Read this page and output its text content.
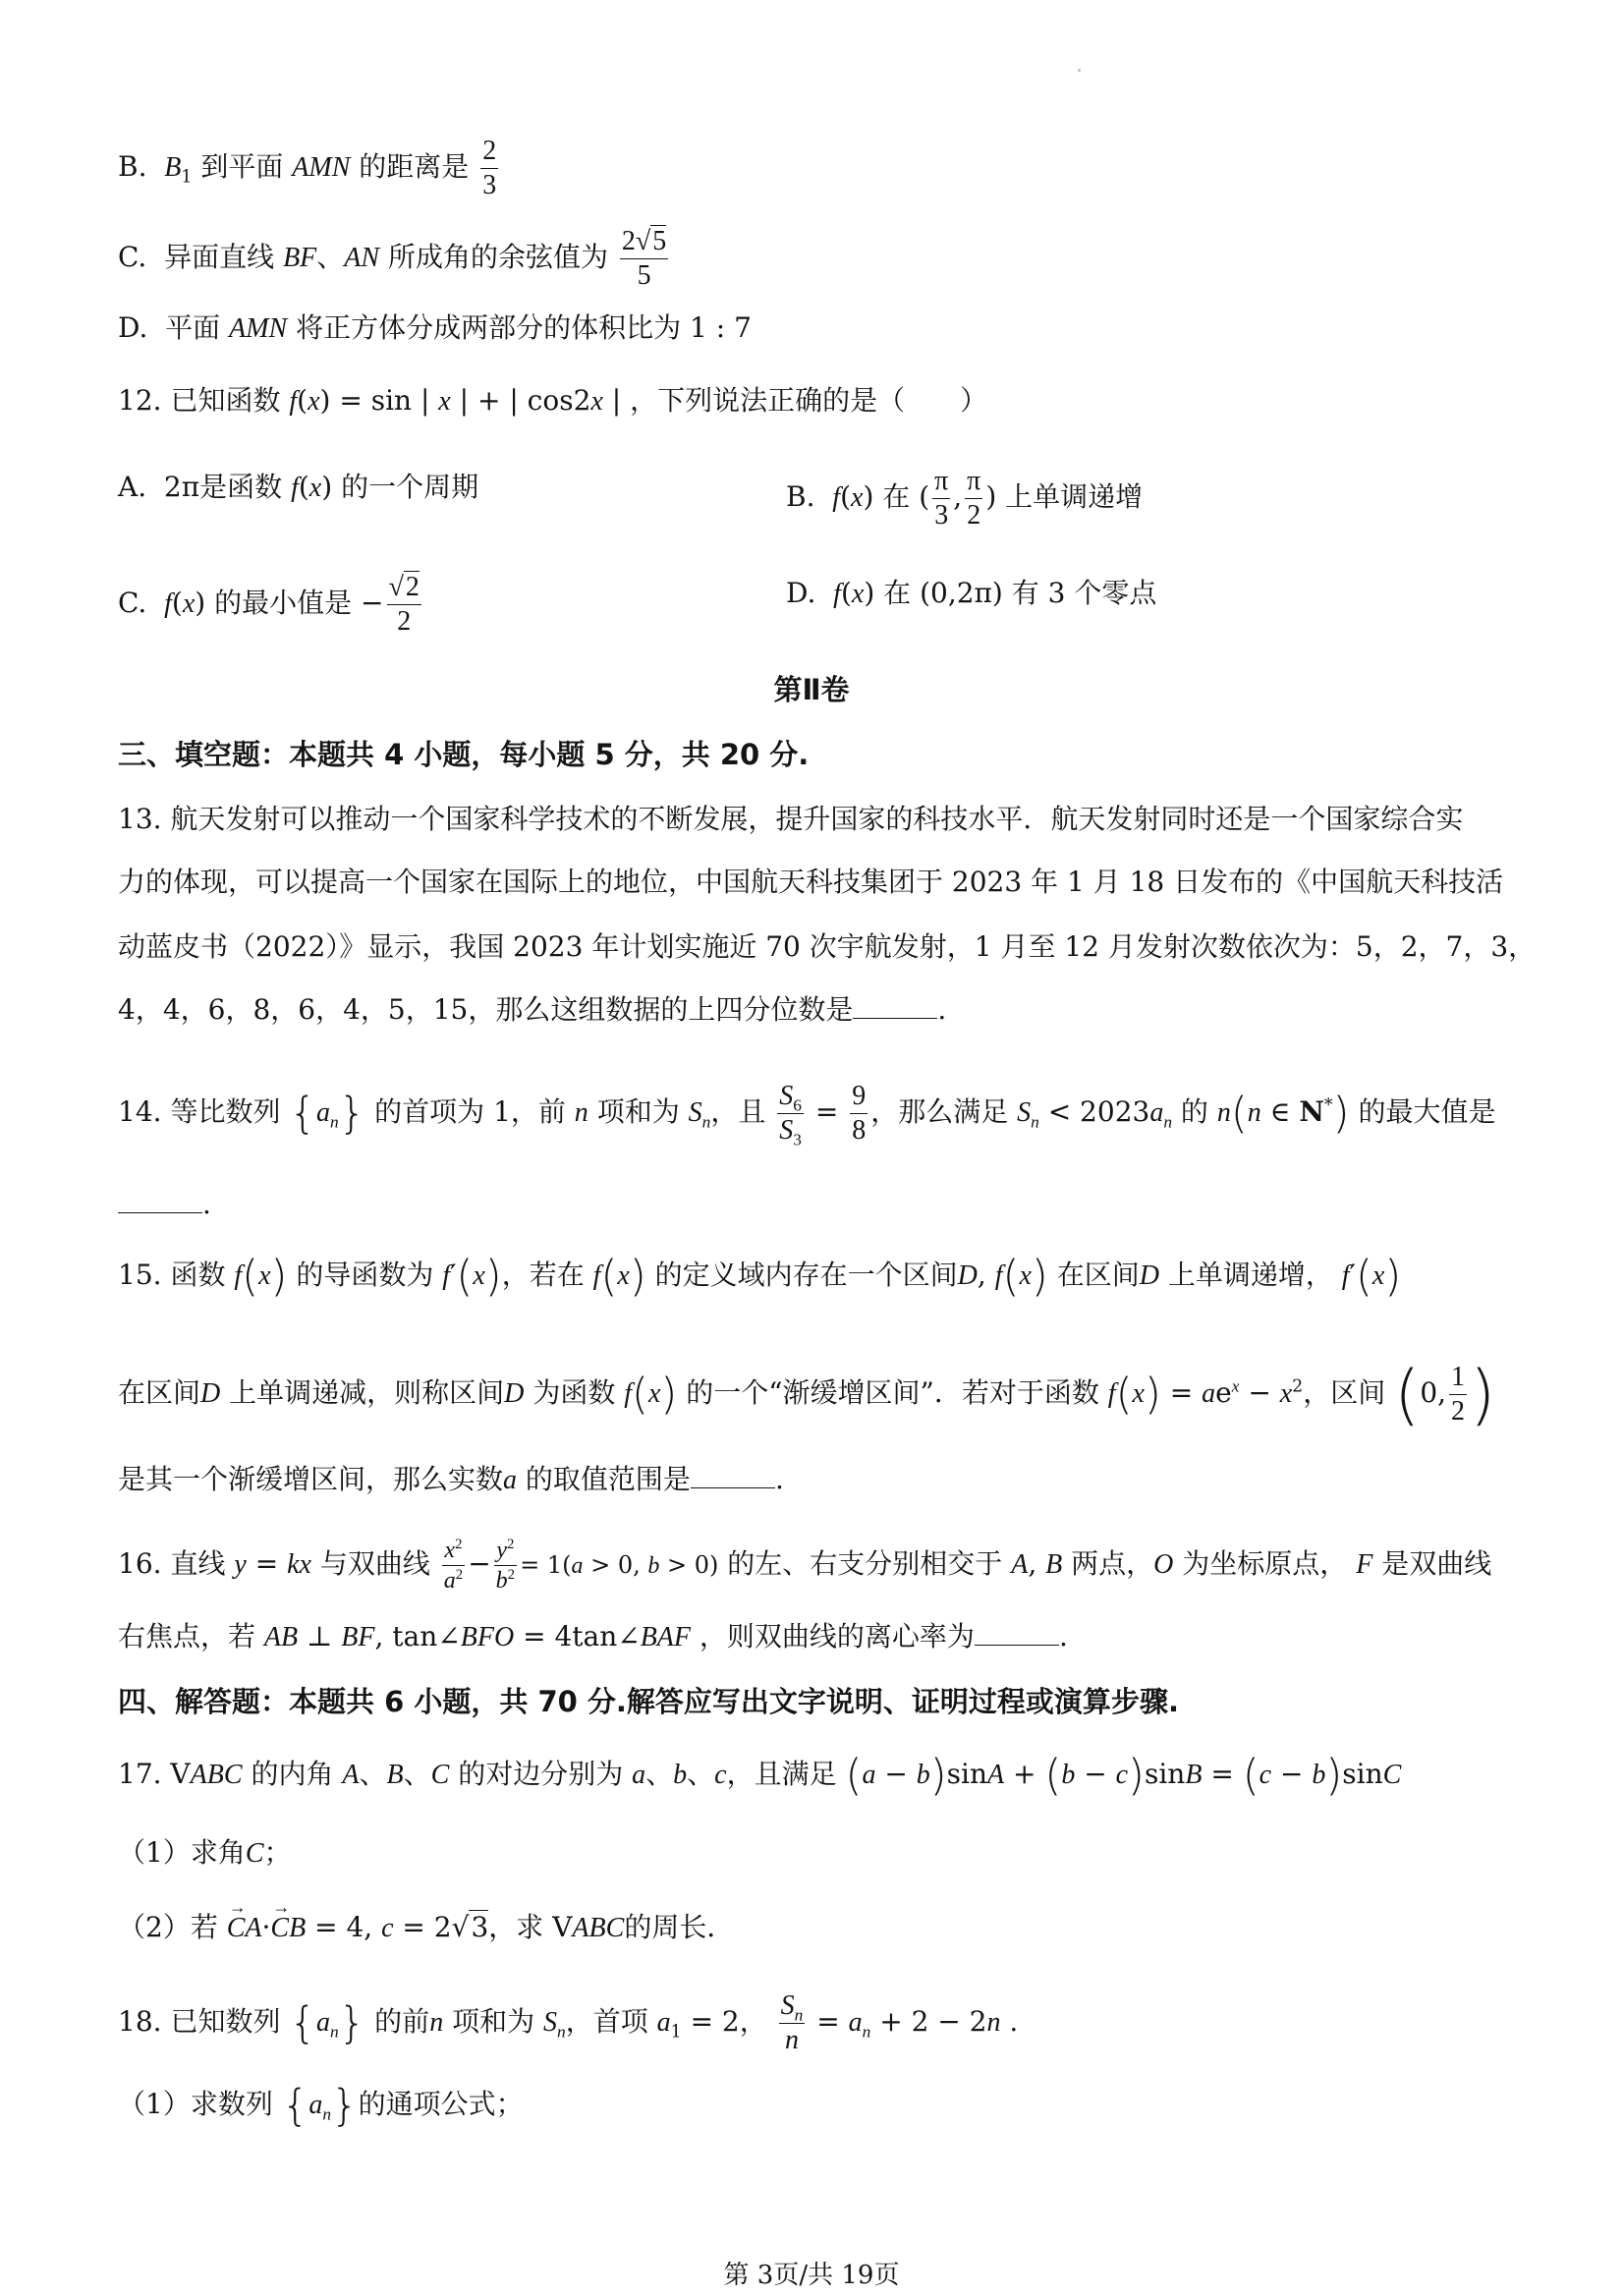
B. $B_1$ 到平面 AMN 的距离是 $\frac{2}{3}$
C. 异面直线 BF、AN 所成角的余弦值为 $\frac{2√5}{5}$
D. 平面 AMN 将正方体分成两部分的体积比为 1 : 7
12. 已知函数 f(x) = sin | x | + | cos2x | ，下列说法正确的是（　　）
A.  2π是函数 f(x) 的一个周期	B. f(x) 在 ( $\frac{\pi}{3}$ , $\frac{\pi}{2}$ ) 上单调递增
C. f(x) 的最小值是 − $\frac{√2}{2}$	D. f(x) 在 (0,2π) 有 3 个零点
第Ⅱ卷
三、填空题：本题共 4 小题，每小题 5 分，共 20 分.
13. 航天发射可以推动一个国家科学技术的不断发展，提升国家的科技水平．航天发射同时还是一个国家综合实
力的体现，可以提高一个国家在国际上的地位，中国航天科技集团于 2023 年 1 月 18 日发布的《中国航天科技活
动蓝皮书（2022）》显示，我国 2023 年计划实施近 70 次宇航发射，1 月至 12 月发射次数依次为：5，2，7，3，
4，4，6，8，6，4，5，15，那么这组数据的上四分位数是	.
14. 等比数列 $\{a_n\}$ 的首项为 1，前 n 项和为 $S_n$，且 $\frac{S_6}{S_3} = \frac{9}{8}$ ，那么满足 $S_n < 2023a_n$ 的 n(n ∈ N*) 的最大值是
.
15. 函数 f(x) 的导函数为 f′(x)，若在 f(x) 的定义域内存在一个区间D, f(x) 在区间D 上单调递增， f′(x)
在区间D 上单调递减，则称区间D 为函数 f(x) 的一个“渐缓增区间”．若对于函数 $f(x) = ae^x - x^2$，区间 (0, $\frac{1}{2}$ )
是其一个渐缓增区间，那么实数a 的取值范围是	.
16. 直线 y = kx 与双曲线 $\frac{x^2}{a^2} - \frac{y^2}{b^2} = 1(a > 0$, b > 0) 的左、右支分别相交于 A, B 两点，O 为坐标原点， F 是双曲线
右焦点，若 AB ⊥ BF, tan∠BFO = 4tan∠BAF ，则双曲线的离心率为	.
四、解答题：本题共 6 小题，共 70 分.解答应写出文字说明、证明过程或演算步骤.
17. VABC 的内角 A、B、C 的对边分别为 a、b、c，且满足 (a − b)sinA + (b − c)sinB = (c − b)sinC
（1）求角C；
（2）若 → CA·→ CB = 4, c = 2√3，求 VABC的周长．
18. 已知数列 $\{a_n\}$ 的前n 项和为 $S_n$，首项 $a_1 = 2$， $\frac{S_n}{n} = a_n + 2 - 2n$ .
（1）求数列 $\{a_n\}$的通项公式；
第 3页/共 19页
